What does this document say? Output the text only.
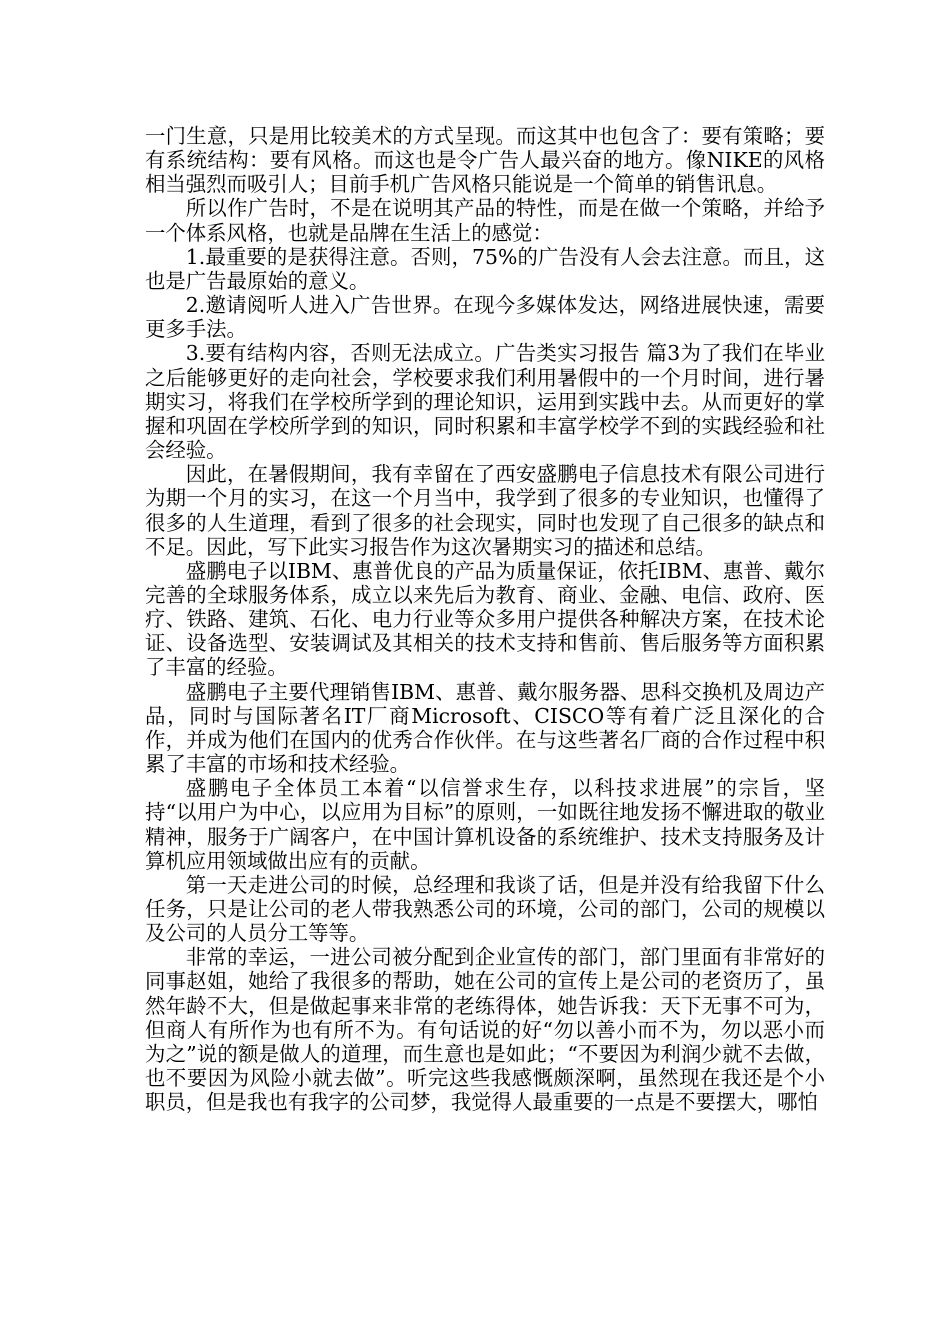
一门生意，只是用比较美术的方式呈现。而这其中也包含了：要有策略；要有系统结构：要有风格。而这也是令广告人最兴奋的地方。像NIKE的风格相当强烈而吸引人；目前手机广告风格只能说是一个简单的销售讯息。

所以作广告时，不是在说明其产品的特性，而是在做一个策略，并给予一个体系风格，也就是品牌在生活上的感觉：

1.最重要的是获得注意。否则，75%的广告没有人会去注意。而且，这也是广告最原始的意义。

2.邀请阅听人进入广告世界。在现今多媒体发达，网络进展快速，需要更多手法。

3.要有结构内容，否则无法成立。广告类实习报告 篇3为了我们在毕业之后能够更好的走向社会，学校要求我们利用暑假中的一个月时间，进行暑期实习，将我们在学校所学到的理论知识，运用到实践中去。从而更好的掌握和巩固在学校所学到的知识，同时积累和丰富学校学不到的实践经验和社会经验。

因此，在暑假期间，我有幸留在了西安盛鹏电子信息技术有限公司进行为期一个月的实习，在这一个月当中，我学到了很多的专业知识，也懂得了很多的人生道理，看到了很多的社会现实，同时也发现了自己很多的缺点和不足。因此，写下此实习报告作为这次暑期实习的描述和总结。

盛鹏电子以IBM、惠普优良的产品为质量保证，依托IBM、惠普、戴尔完善的全球服务体系，成立以来先后为教育、商业、金融、电信、政府、医疗、铁路、建筑、石化、电力行业等众多用户提供各种解决方案，在技术论证、设备选型、安装调试及其相关的技术支持和售前、售后服务等方面积累了丰富的经验。

盛鹏电子主要代理销售IBM、惠普、戴尔服务器、思科交换机及周边产品，同时与国际著名IT厂商Microsoft、CISCO等有着广泛且深化的合作，并成为他们在国内的优秀合作伙伴。在与这些著名厂商的合作过程中积累了丰富的市场和技术经验。

盛鹏电子全体员工本着“以信誉求生存，以科技求进展”的宗旨，坚持“以用户为中心，以应用为目标”的原则，一如既往地发扬不懈进取的敬业精神，服务于广阔客户，在中国计算机设备的系统维护、技术支持服务及计算机应用领域做出应有的贡献。

第一天走进公司的时候，总经理和我谈了话，但是并没有给我留下什么任务，只是让公司的老人带我熟悉公司的环境，公司的部门，公司的规模以及公司的人员分工等等。

非常的幸运，一进公司被分配到企业宣传的部门，部门里面有非常好的同事赵姐，她给了我很多的帮助，她在公司的宣传上是公司的老资历了，虽然年龄不大，但是做起事来非常的老练得体，她告诉我：天下无事不可为，但商人有所作为也有所不为。有句话说的好“勿以善小而不为，勿以恶小而为之”说的额是做人的道理，而生意也是如此；“不要因为利润少就不去做，也不要因为风险小就去做”。听完这些我感慨颇深啊，虽然现在我还是个小职员，但是我也有我字的公司梦，我觉得人最重要的一点是不要摆大，哪怕
